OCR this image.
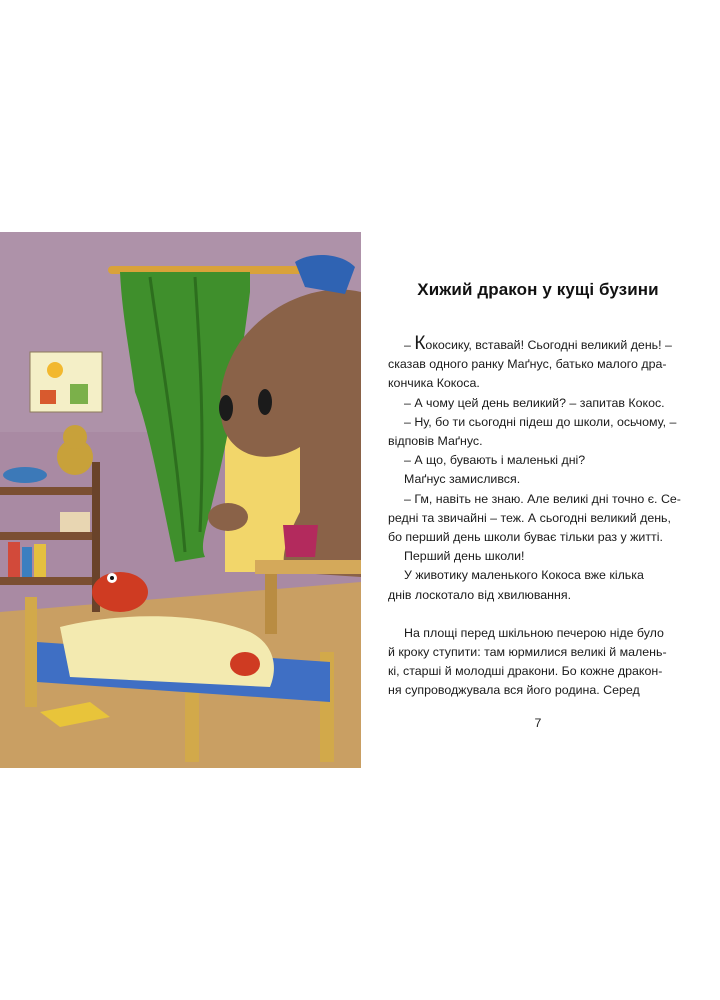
Хижий дракон у кущі бузини

– Кокосику, вставай! Сьогодні великий день! –

сказав одного ранку Маґнус, батько малого дра-

кончика Кокоса.

– А чому цей день великий? – запитав Кокос.

– Ну, бо ти сьогодні підеш до школи, осьчому, –

відповів Маґнус.

– А що, бувають і маленькі дні?

Маґнус замислився.

– Гм, навіть не знаю. Але великі дні точно є. Се-

редні та звичайні – теж. А сьогодні великий день,

бо перший день школи буває тільки раз у житті.

Перший день школи!

У животику маленького Кокоса вже кілька

днів лоскотало від хвилювання.

На площі перед шкільною печерою ніде було

й кроку ступити: там юрмилися великі й малень-

кі, старші й молодші дракони. Бо кожне дракон-

ня супроводжувала вся його родина. Серед

7
